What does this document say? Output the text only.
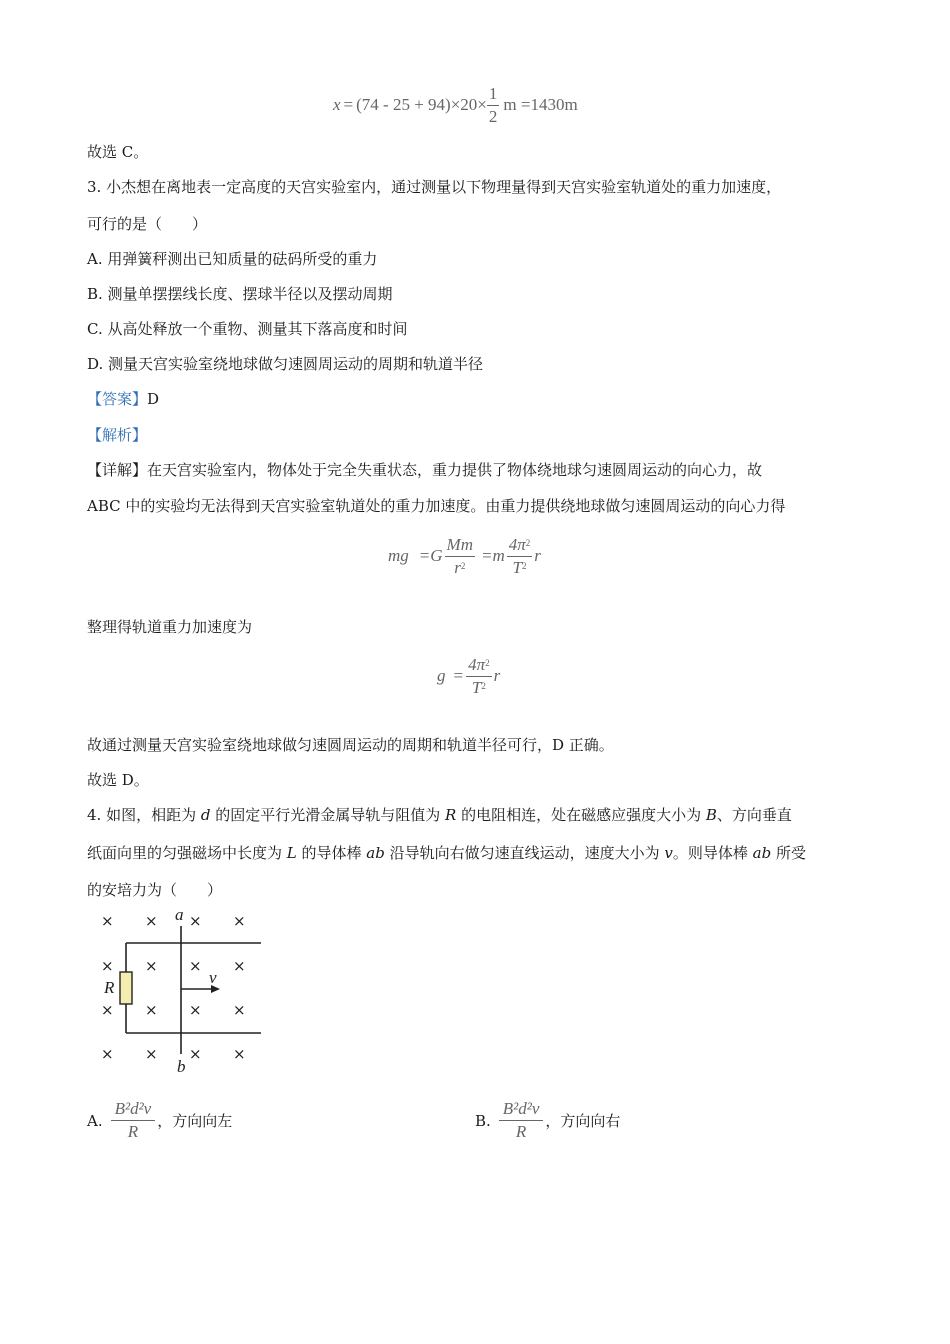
$x = (74 - 25 + 94) \times 20\times \frac{1}{2}$ m =1430m
故选 C。
3. 小杰想在离地表一定高度的天宫实验室内，通过测量以下物理量得到天宫实验室轨道处的重力加速度，
可行的是（　　）
A. 用弹簧秤测出已知质量的砝码所受的重力
B. 测量单摆摆线长度、摆球半径以及摆动周期
C. 从高处释放一个重物、测量其下落高度和时间
D. 测量天宫实验室绕地球做匀速圆周运动的周期和轨道半径
【答案】D
【解析】
【详解】在天宫实验室内，物体处于完全失重状态，重力提供了物体绕地球匀速圆周运动的向心力，故
ABC 中的实验均无法得到天宫实验室轨道处的重力加速度。由重力提供绕地球做匀速圆周运动的向心力得
mg $=G \frac{Mm}{r^2} =m \frac{4\pi^2}{T^2}$ r
整理得轨道重力加速度为
$g = \frac{4\pi^2}{T^2}$ r
故通过测量天宫实验室绕地球做匀速圆周运动的周期和轨道半径可行，D 正确。
故选 D。
4. 如图，相距为 d 的固定平行光滑金属导轨与阻值为 R 的电阻相连，处在磁感应强度大小为 B、方向垂直
纸面向里的匀强磁场中长度为 L 的导体棒 ab 沿导轨向右做匀速直线运动，速度大小为 v。则导体棒 ab 所受
的安培力为（　　）
× × × ×
× × × ×
× × × ×
× × × ×
a
b
R
v
A. $\frac{\text{B²d²v}}{R}$ ，方向向左	B. $\frac{\text{B²d²v}}{R}$ ，方向向右
